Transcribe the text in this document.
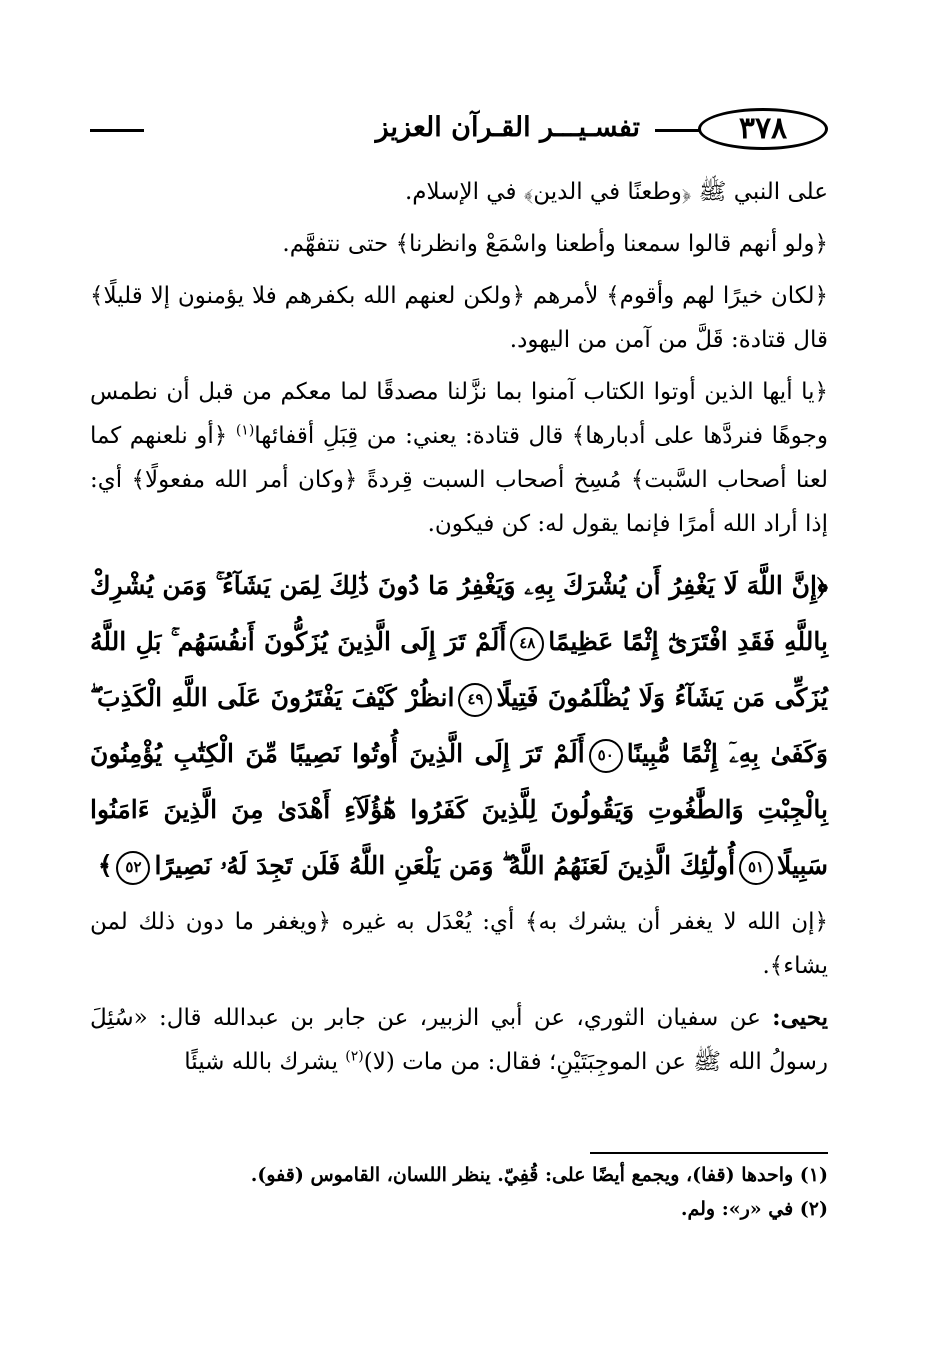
٣٧٨
تفسـيـــر القـرآن العزيز

على النبي ﷺ ﴿وطعنًا في الدين﴾ في الإسلام.

﴿ولو أنهم قالوا سمعنا وأطعنا واسْمَعْ وانظرنا﴾ حتى نتفهَّم.

﴿لكان خيرًا لهم وأقوم﴾ لأمرهم ﴿ولكن لعنهم الله بكفرهم فلا يؤمنون إلا قليلًا﴾ قال قتادة: قَلَّ من آمن من اليهود.

﴿يا أيها الذين أوتوا الكتاب آمنوا بما نزَّلنا مصدقًا لما معكم من قبل أن نطمس وجوهًا فنردَّها على أدبارها﴾ قال قتادة: يعني: من قِبَلِ أقفائها$^{(١)}$ ﴿أو نلعنهم كما لعنا أصحاب السَّبت﴾ مُسِخ أصحاب السبت قِردةً ﴿وكان أمر الله مفعولًا﴾ أي: إذا أراد الله أمرًا فإنما يقول له: كن فيكون.

﴿إِنَّ اللَّهَ لَا يَغْفِرُ أَن يُشْرَكَ بِهِۦ وَيَغْفِرُ مَا دُونَ ذَٰلِكَ لِمَن يَشَآءُ ۚ وَمَن يُشْرِكْ بِاللَّهِ فَقَدِ افْتَرَىٰٓ إِثْمًا عَظِيمًا٤٨أَلَمْ تَرَ إِلَى الَّذِينَ يُزَكُّونَ أَنفُسَهُم ۚ بَلِ اللَّهُ يُزَكِّى مَن يَشَآءُ وَلَا يُظْلَمُونَ فَتِيلًا٤٩انظُرْ كَيْفَ يَفْتَرُونَ عَلَى اللَّهِ الْكَذِبَ ۖ وَكَفَىٰ بِهِۦٓ إِثْمًا مُّبِينًا٥٠أَلَمْ تَرَ إِلَى الَّذِينَ أُوتُوا نَصِيبًا مِّنَ الْكِتَٰبِ يُؤْمِنُونَ بِالْجِبْتِ وَالطَّٰغُوتِ وَيَقُولُونَ لِلَّذِينَ كَفَرُوا هَٰٓؤُلَآءِ أَهْدَىٰ مِنَ الَّذِينَ ءَامَنُوا سَبِيلًا٥١أُولَٰٓئِكَ الَّذِينَ لَعَنَهُمُ اللَّهُ ۖ وَمَن يَلْعَنِ اللَّهُ فَلَن تَجِدَ لَهُۥ نَصِيرًا٥٢﴾

﴿إن الله لا يغفر أن يشرك به﴾ أي: يُعْدَل به غيره ﴿ويغفر ما دون ذلك لمن يشاء﴾.

يحيى: عن سفيان الثوري، عن أبي الزبير، عن جابر بن عبدالله قال: «سُئِلَ رسولُ الله ﷺ عن الموجِبَتَيْنِ؛ فقال: من مات (لا)$^{(٢)}$ يشرك بالله شيئًا

(١) واحدها (قفا)، ويجمع أيضًا على: قُفِيّ. ينظر اللسان، القاموس (قفو).

(٢) في «ر»: ولم.
